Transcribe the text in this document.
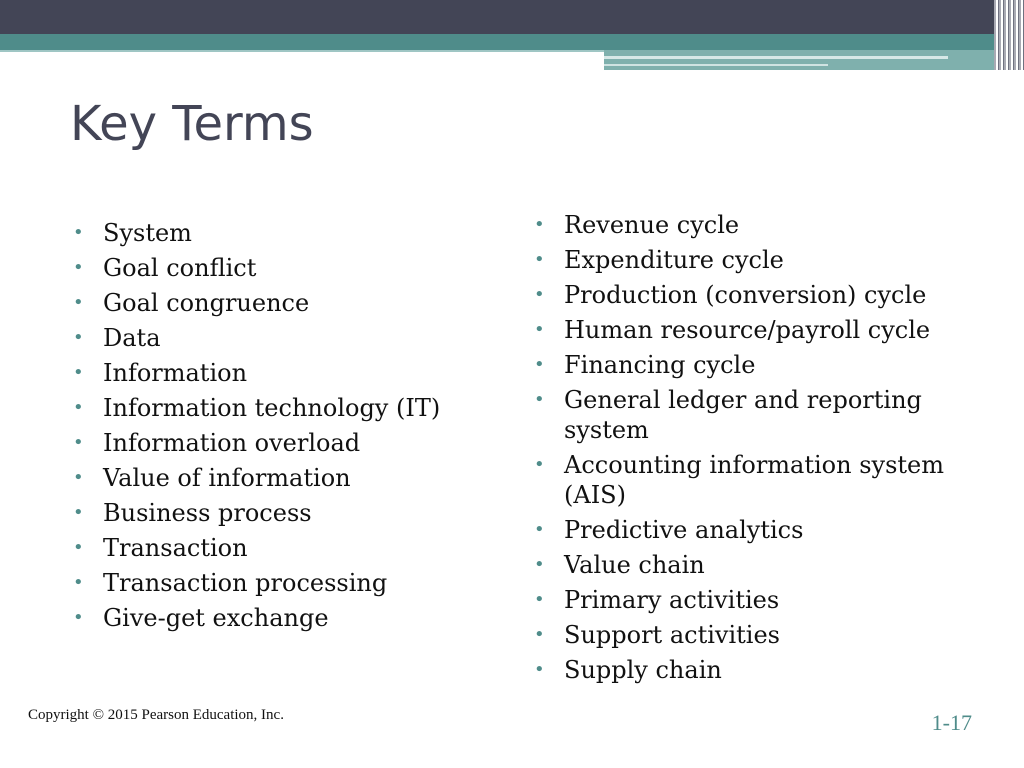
Key Terms
• System
• Goal conflict
• Goal congruence
• Data
• Information
• Information technology (IT)
• Information overload
• Value of information
• Business process
• Transaction
• Transaction processing
• Give-get exchange
• Revenue cycle
• Expenditure cycle
• Production (conversion) cycle
• Human resource/payroll cycle
• Financing cycle
• General ledger and reporting system
• Accounting information system (AIS)
• Predictive analytics
• Value chain
• Primary activities
• Support activities
• Supply chain
Copyright © 2015 Pearson Education, Inc.	1-17
